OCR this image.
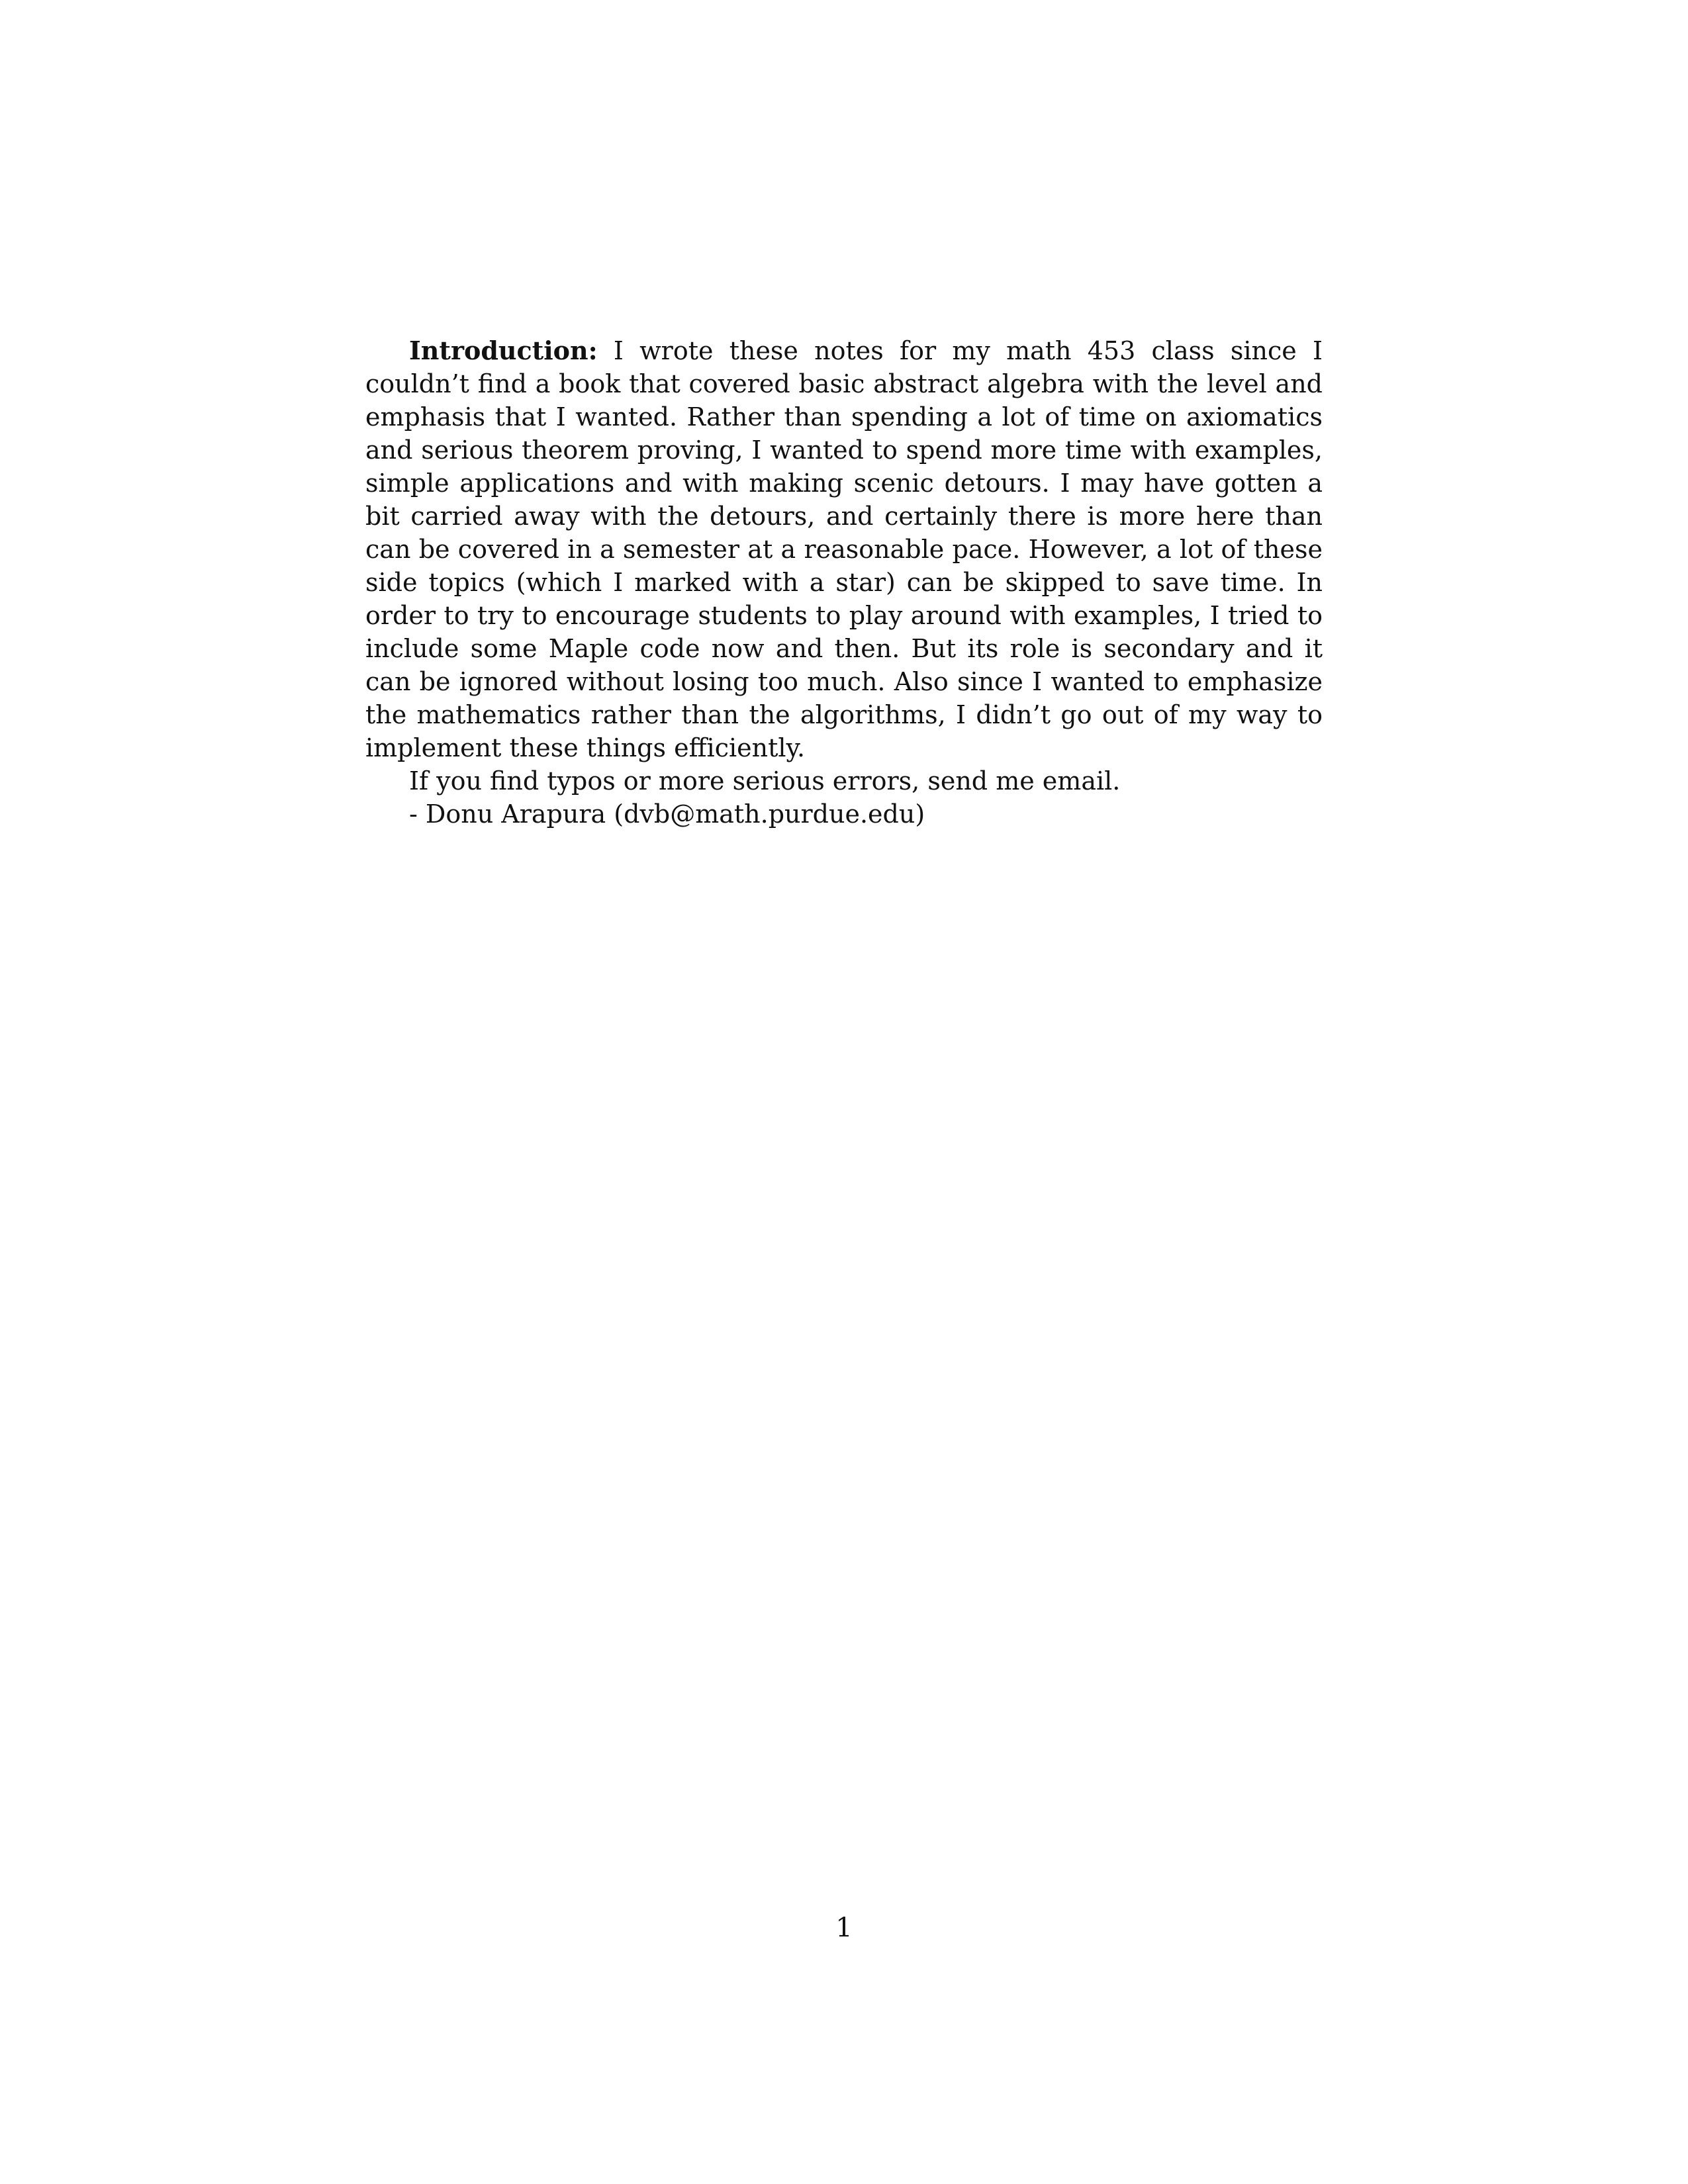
Introduction: I wrote these notes for my math 453 class since I couldn’t find a book that covered basic abstract algebra with the level and emphasis that I wanted. Rather than spending a lot of time on axiomatics and serious theorem proving, I wanted to spend more time with examples, simple applications and with making scenic detours. I may have gotten a bit carried away with the detours, and certainly there is more here than can be covered in a semester at a reasonable pace. However, a lot of these side topics (which I marked with a star) can be skipped to save time. In order to try to encourage students to play around with examples, I tried to include some Maple code now and then. But its role is secondary and it can be ignored without losing too much. Also since I wanted to emphasize the mathematics rather than the algorithms, I didn’t go out of my way to implement these things efficiently.

If you find typos or more serious errors, send me email.

- Donu Arapura (dvb@math.purdue.edu)

1
